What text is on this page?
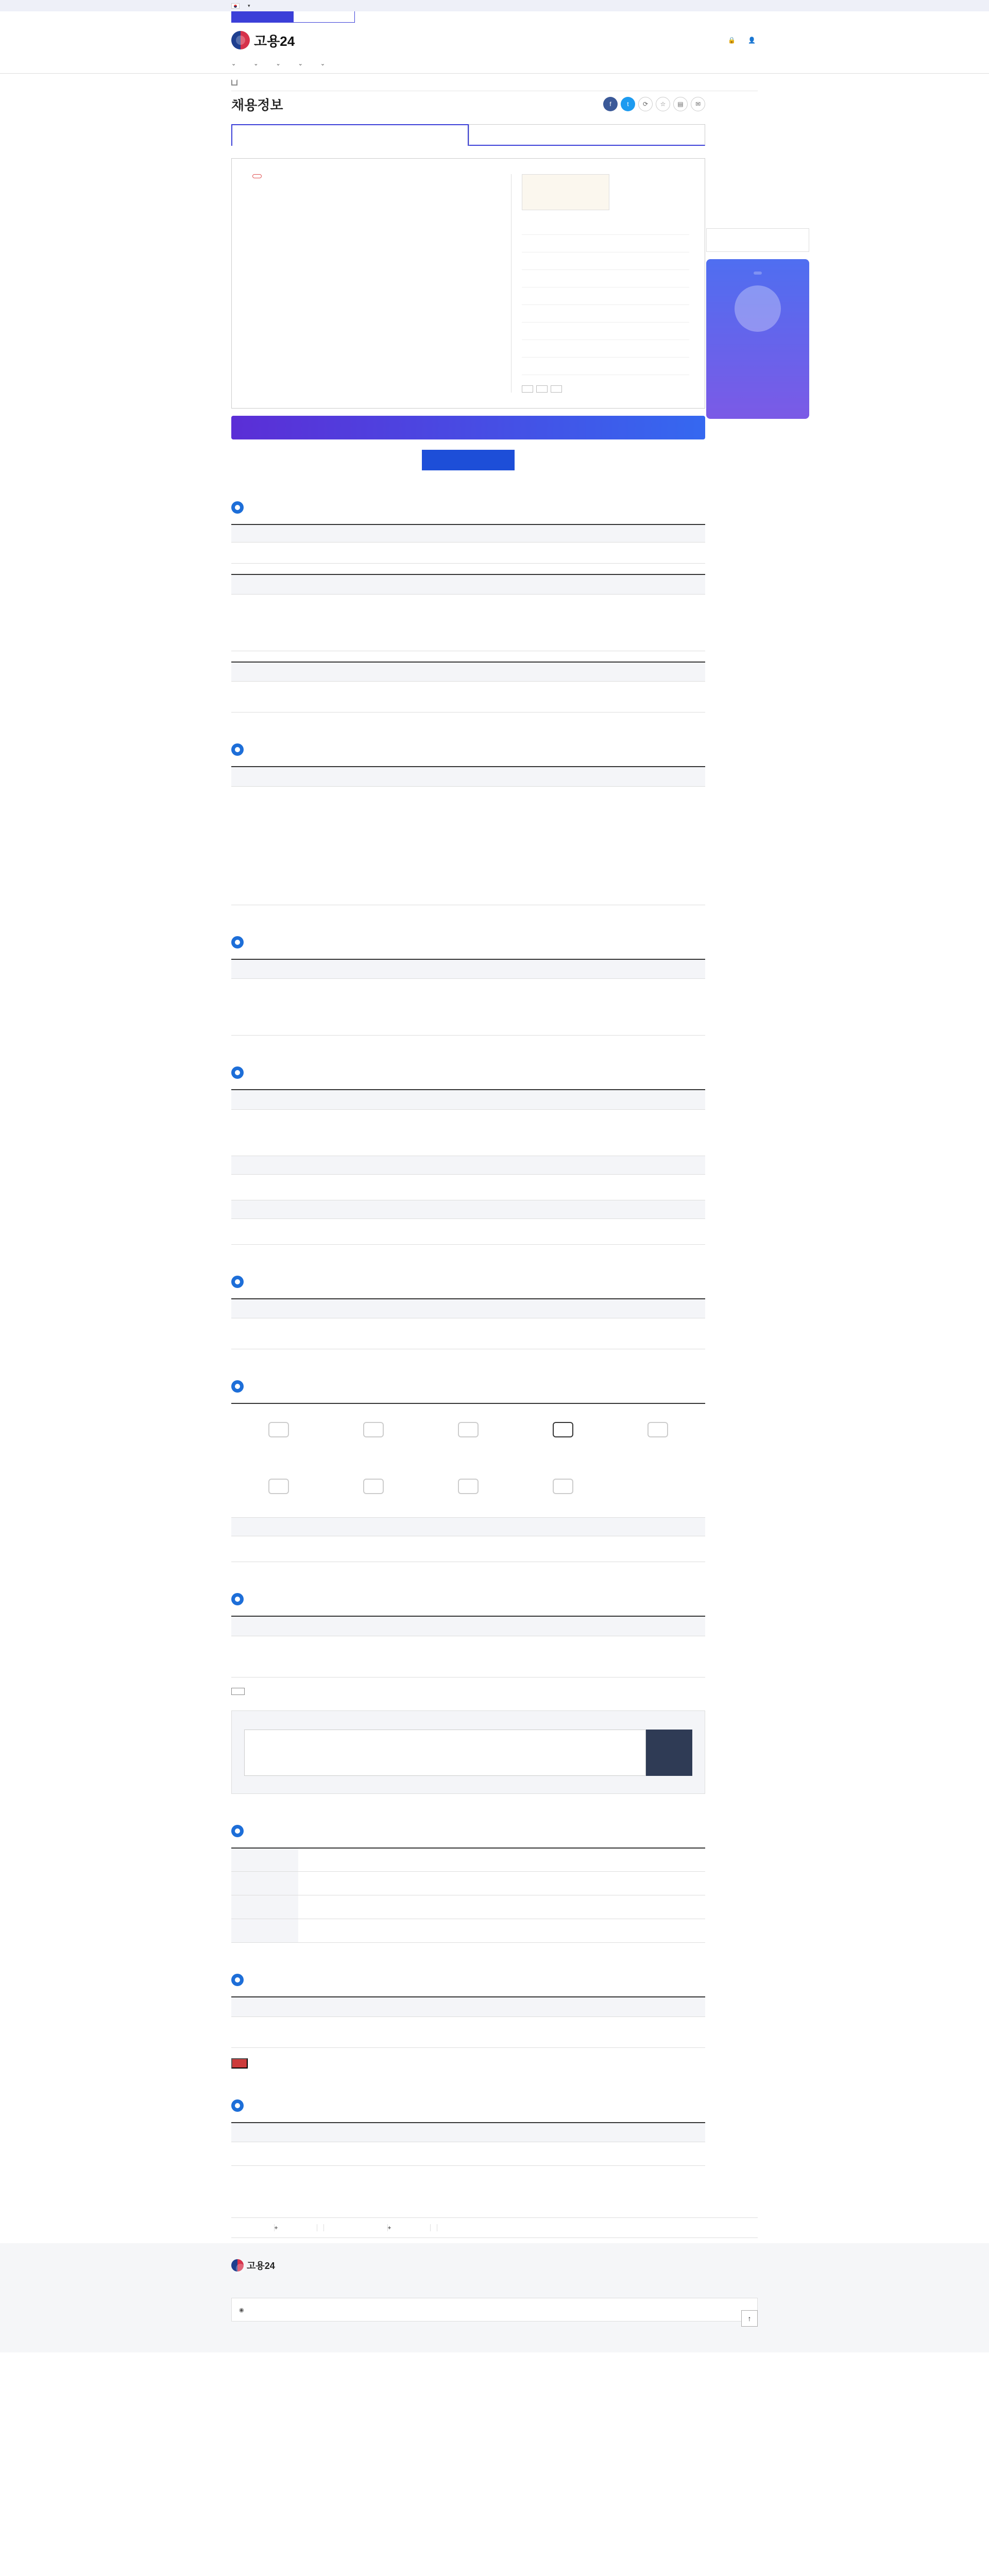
▾
고용24	🔒 👤
⌄
⌄
⌄
⌄
⌄

채용정보	f	t	⟳	☆	▤	✉

+	+
고용24
◉
↑
